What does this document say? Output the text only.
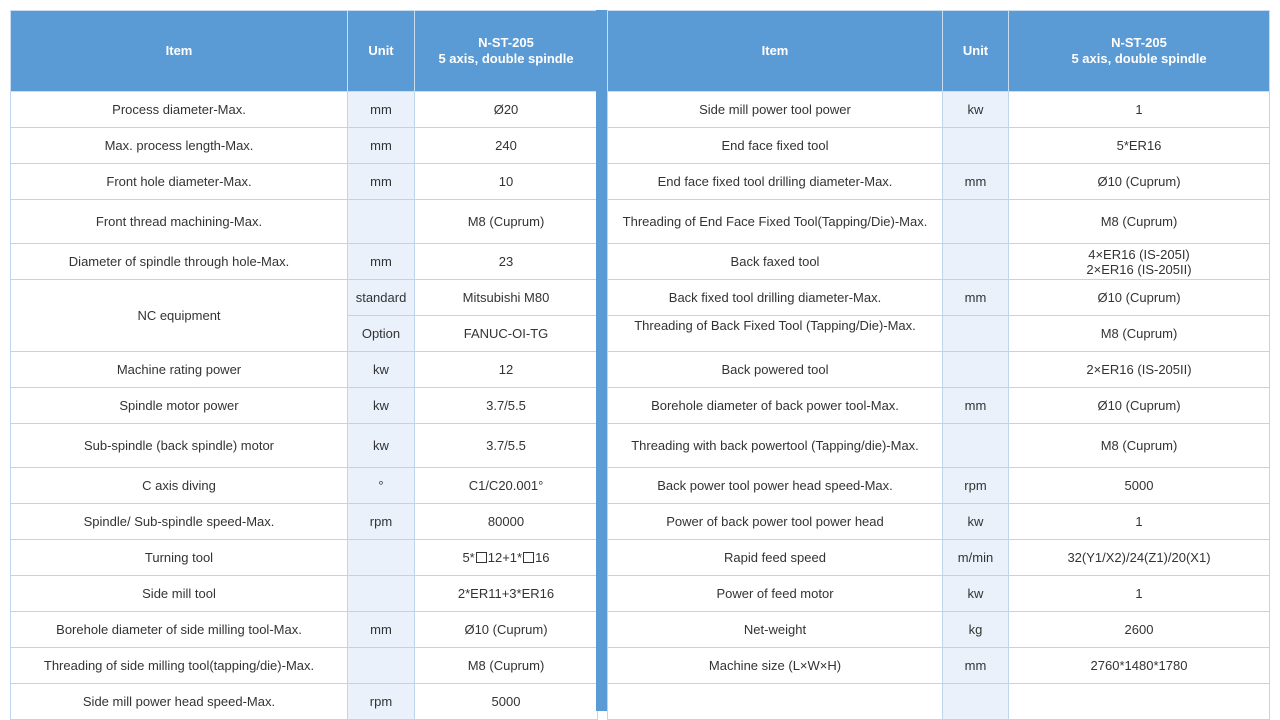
Item	Unit	N-ST-205
5 axis, double spindle

Process diameter-Max.	mm	Ø20
Max. process length-Max.	mm	240
Front hole diameter-Max.	mm	10
Front thread machining-Max.		M8 (Cuprum)
Diameter of spindle through hole-Max.	mm	23
NC equipment	standard	Mitsubishi M80
	Option	FANUC-OI-TG
Machine rating power	kw	12
Spindle motor power	kw	3.7/5.5
Sub-spindle (back spindle) motor	kw	3.7/5.5
C axis diving	°	C1/C20.001°
Spindle/ Sub-spindle speed-Max.	rpm	80000
Turning tool		5* 12+1* 16
Side mill tool		2*ER11+3*ER16
Borehole diameter of side milling tool-Max.	mm	Ø10 (Cuprum)
Threading of side milling tool(tapping/die)-Max.		M8 (Cuprum)
Side mill power head speed-Max.	rpm	5000
Item	Unit	N-ST-205
5 axis, double spindle

Side mill power tool power	kw	1
End face fixed tool		5*ER16
End face fixed tool drilling diameter-Max.	mm	Ø10 (Cuprum)
Threading of End Face Fixed Tool(Tapping/Die)-Max.		M8 (Cuprum)
Back faxed tool		4×ER16 (IS-205I)
2×ER16 (IS-205II)

Back fixed tool drilling diameter-Max.	mm	Ø10 (Cuprum)
Threading of Back Fixed Tool (Tapping/Die)-Max.		M8 (Cuprum)
Back powered tool		2×ER16 (IS-205II)
Borehole diameter of back power tool-Max.	mm	Ø10 (Cuprum)
Threading with back powertool (Tapping/die)-Max.		M8 (Cuprum)
Back power tool power head speed-Max.	rpm	5000
Power of back power tool power head	kw	1
Rapid feed speed	m/min	32(Y1/X2)/24(Z1)/20(X1)
Power of feed motor	kw	1
Net-weight	kg	2600
Machine size (L×W×H)	mm	2760*1480*1780
